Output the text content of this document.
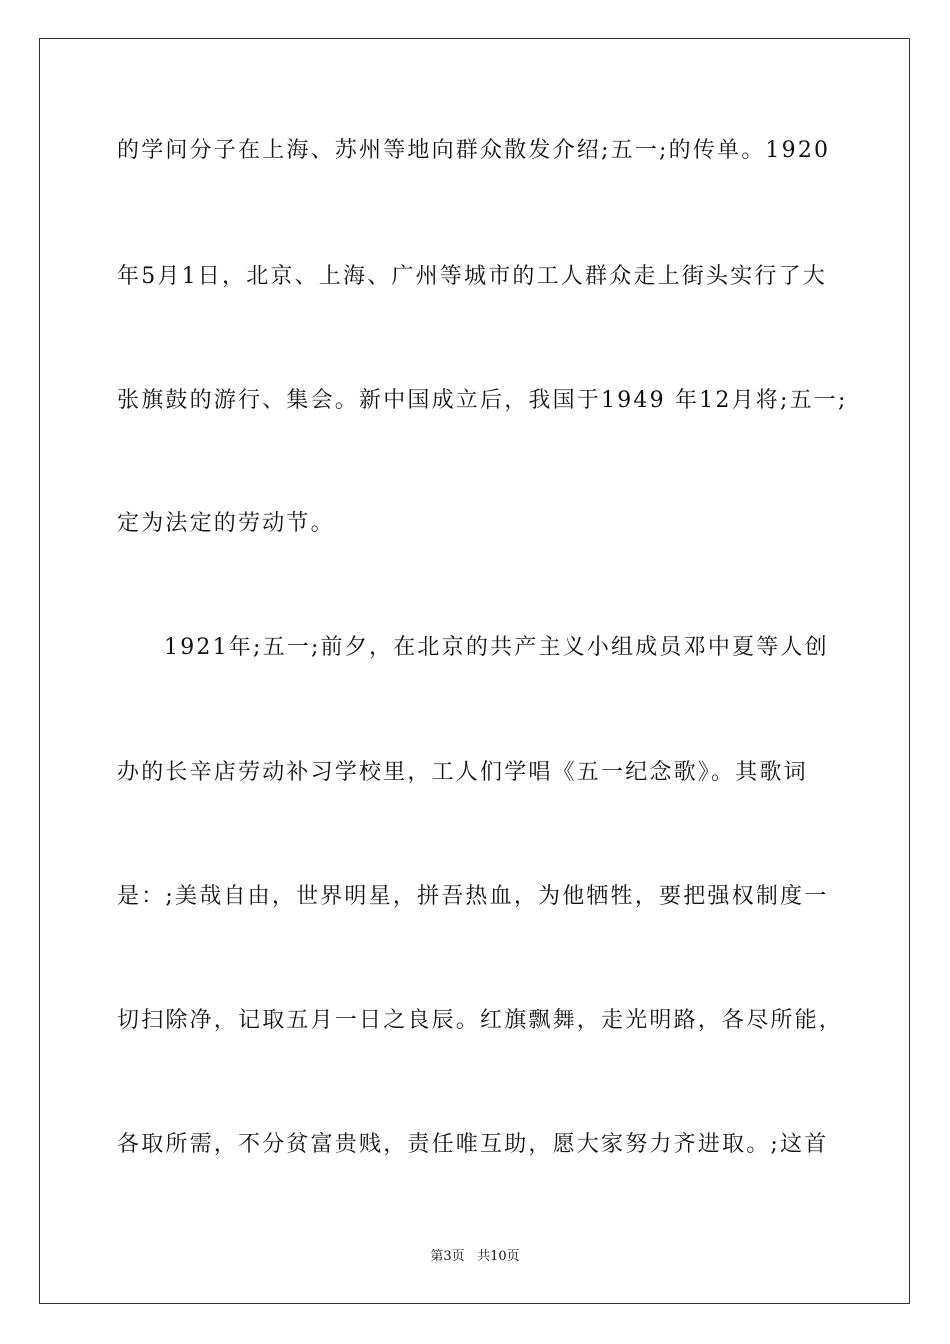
的学问分子在上海、苏州等地向群众散发介绍;五一;的传单。1920
年5月1日，北京、上海、广州等城市的工人群众走上街头实行了大
张旗鼓的游行、集会。新中国成立后，我国于1949 年12月将;五一;
定为法定的劳动节。
1921年;五一;前夕，在北京的共产主义小组成员邓中夏等人创
办的长辛店劳动补习学校里，工人们学唱《五一纪念歌》。其歌词
是：;美哉自由，世界明星，拼吾热血，为他牺牲，要把强权制度一
切扫除净，记取五月一日之良辰。红旗飘舞，走光明路，各尽所能，
各取所需，不分贫富贵贱，责任唯互助，愿大家努力齐进取。;这首
第3页 共10页
